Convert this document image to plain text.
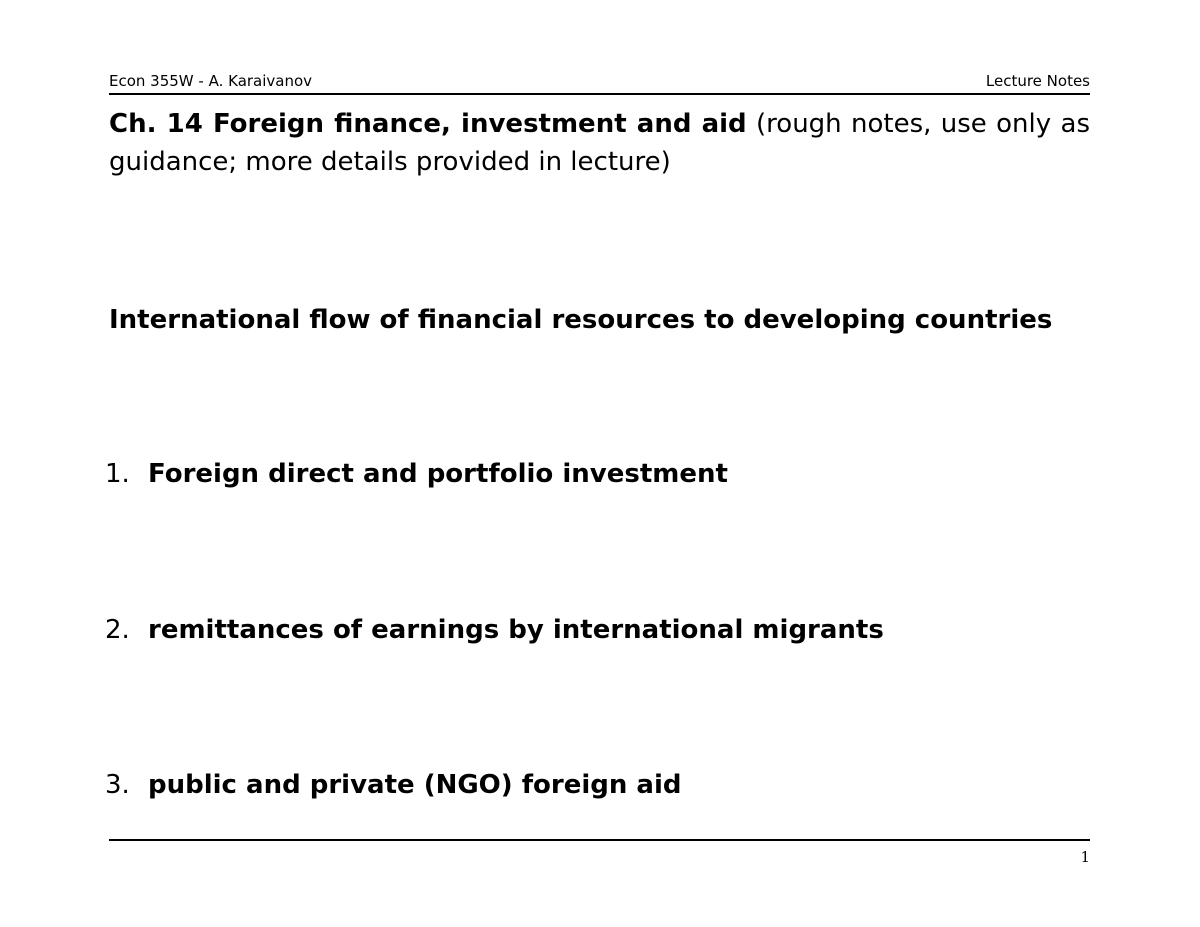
Econ 355W - A. Karaivanov	Lecture Notes
Ch. 14 Foreign finance, investment and aid (rough notes, use only as guidance; more details provided in lecture)
International flow of financial resources to developing countries
1. Foreign direct and portfolio investment
2. remittances of earnings by international migrants
3. public and private (NGO) foreign aid
1
